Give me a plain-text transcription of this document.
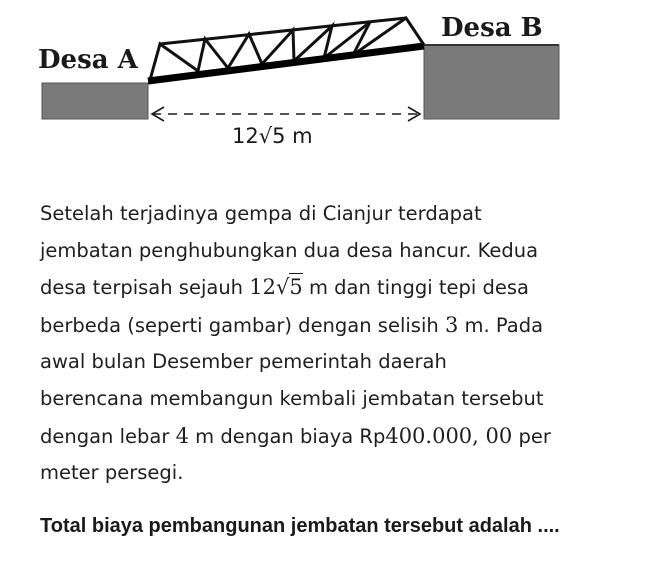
Desa A
Desa B
12√5 m
Setelah terjadinya gempa di Cianjur terdapat
jembatan penghubungkan dua desa hancur. Kedua
desa terpisah sejauh 12√5 m dan tinggi tepi desa
berbeda (seperti gambar) dengan selisih 3 m. Pada
awal bulan Desember pemerintah daerah
berencana membangun kembali jembatan tersebut
dengan lebar 4 m dengan biaya Rp400.000, 00 per
meter persegi.
Total biaya pembangunan jembatan tersebut adalah ....
